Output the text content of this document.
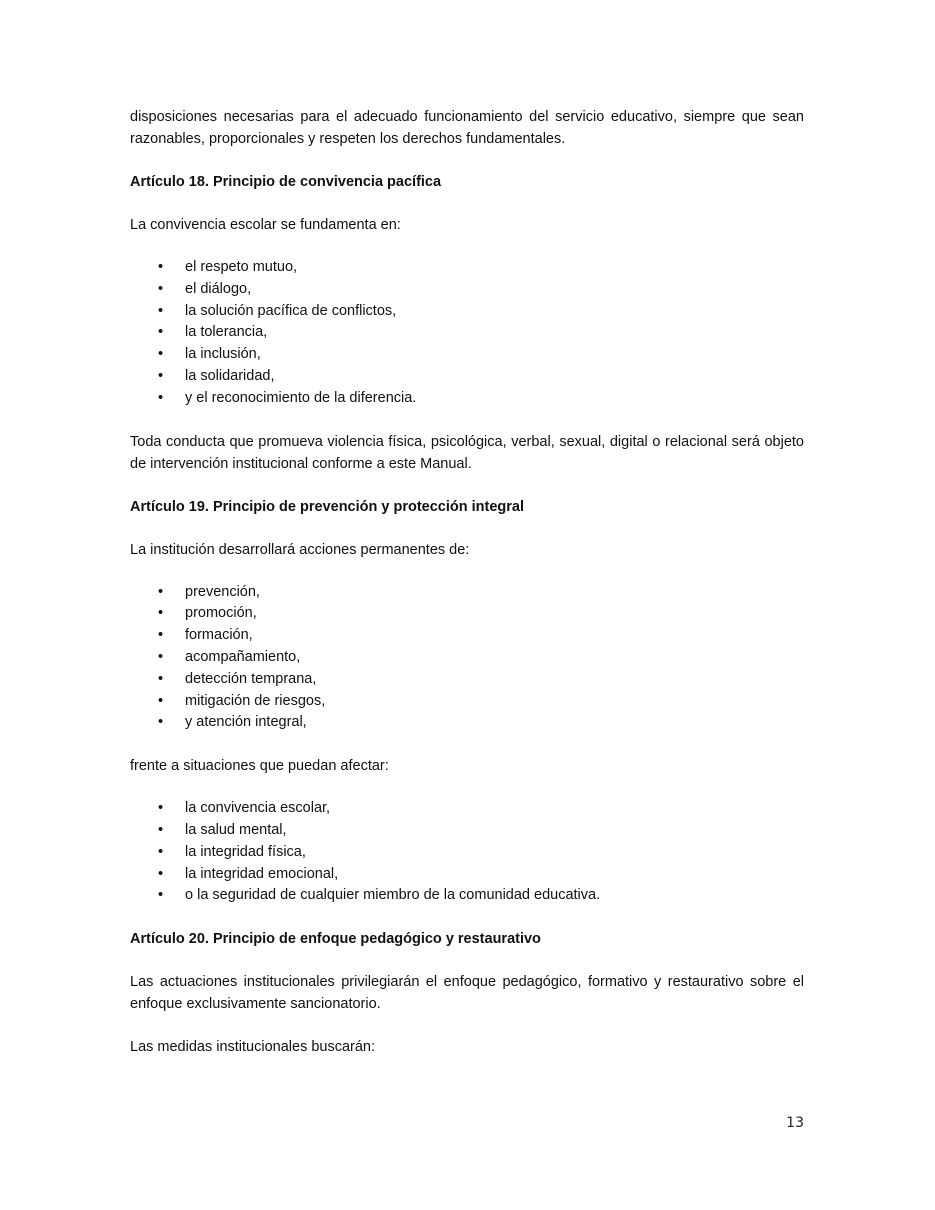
disposiciones necesarias para el adecuado funcionamiento del servicio educativo, siempre que sean razonables, proporcionales y respeten los derechos fundamentales.

Artículo 18. Principio de convivencia pacífica

La convivencia escolar se fundamenta en:

• el respeto mutuo,
• el diálogo,
• la solución pacífica de conflictos,
• la tolerancia,
• la inclusión,
• la solidaridad,
• y el reconocimiento de la diferencia.

Toda conducta que promueva violencia física, psicológica, verbal, sexual, digital o relacional será objeto de intervención institucional conforme a este Manual.

Artículo 19. Principio de prevención y protección integral

La institución desarrollará acciones permanentes de:

• prevención,
• promoción,
• formación,
• acompañamiento,
• detección temprana,
• mitigación de riesgos,
• y atención integral,

frente a situaciones que puedan afectar:

• la convivencia escolar,
• la salud mental,
• la integridad física,
• la integridad emocional,
• o la seguridad de cualquier miembro de la comunidad educativa.

Artículo 20. Principio de enfoque pedagógico y restaurativo

Las actuaciones institucionales privilegiarán el enfoque pedagógico, formativo y restaurativo sobre el enfoque exclusivamente sancionatorio.

Las medidas institucionales buscarán:

13
